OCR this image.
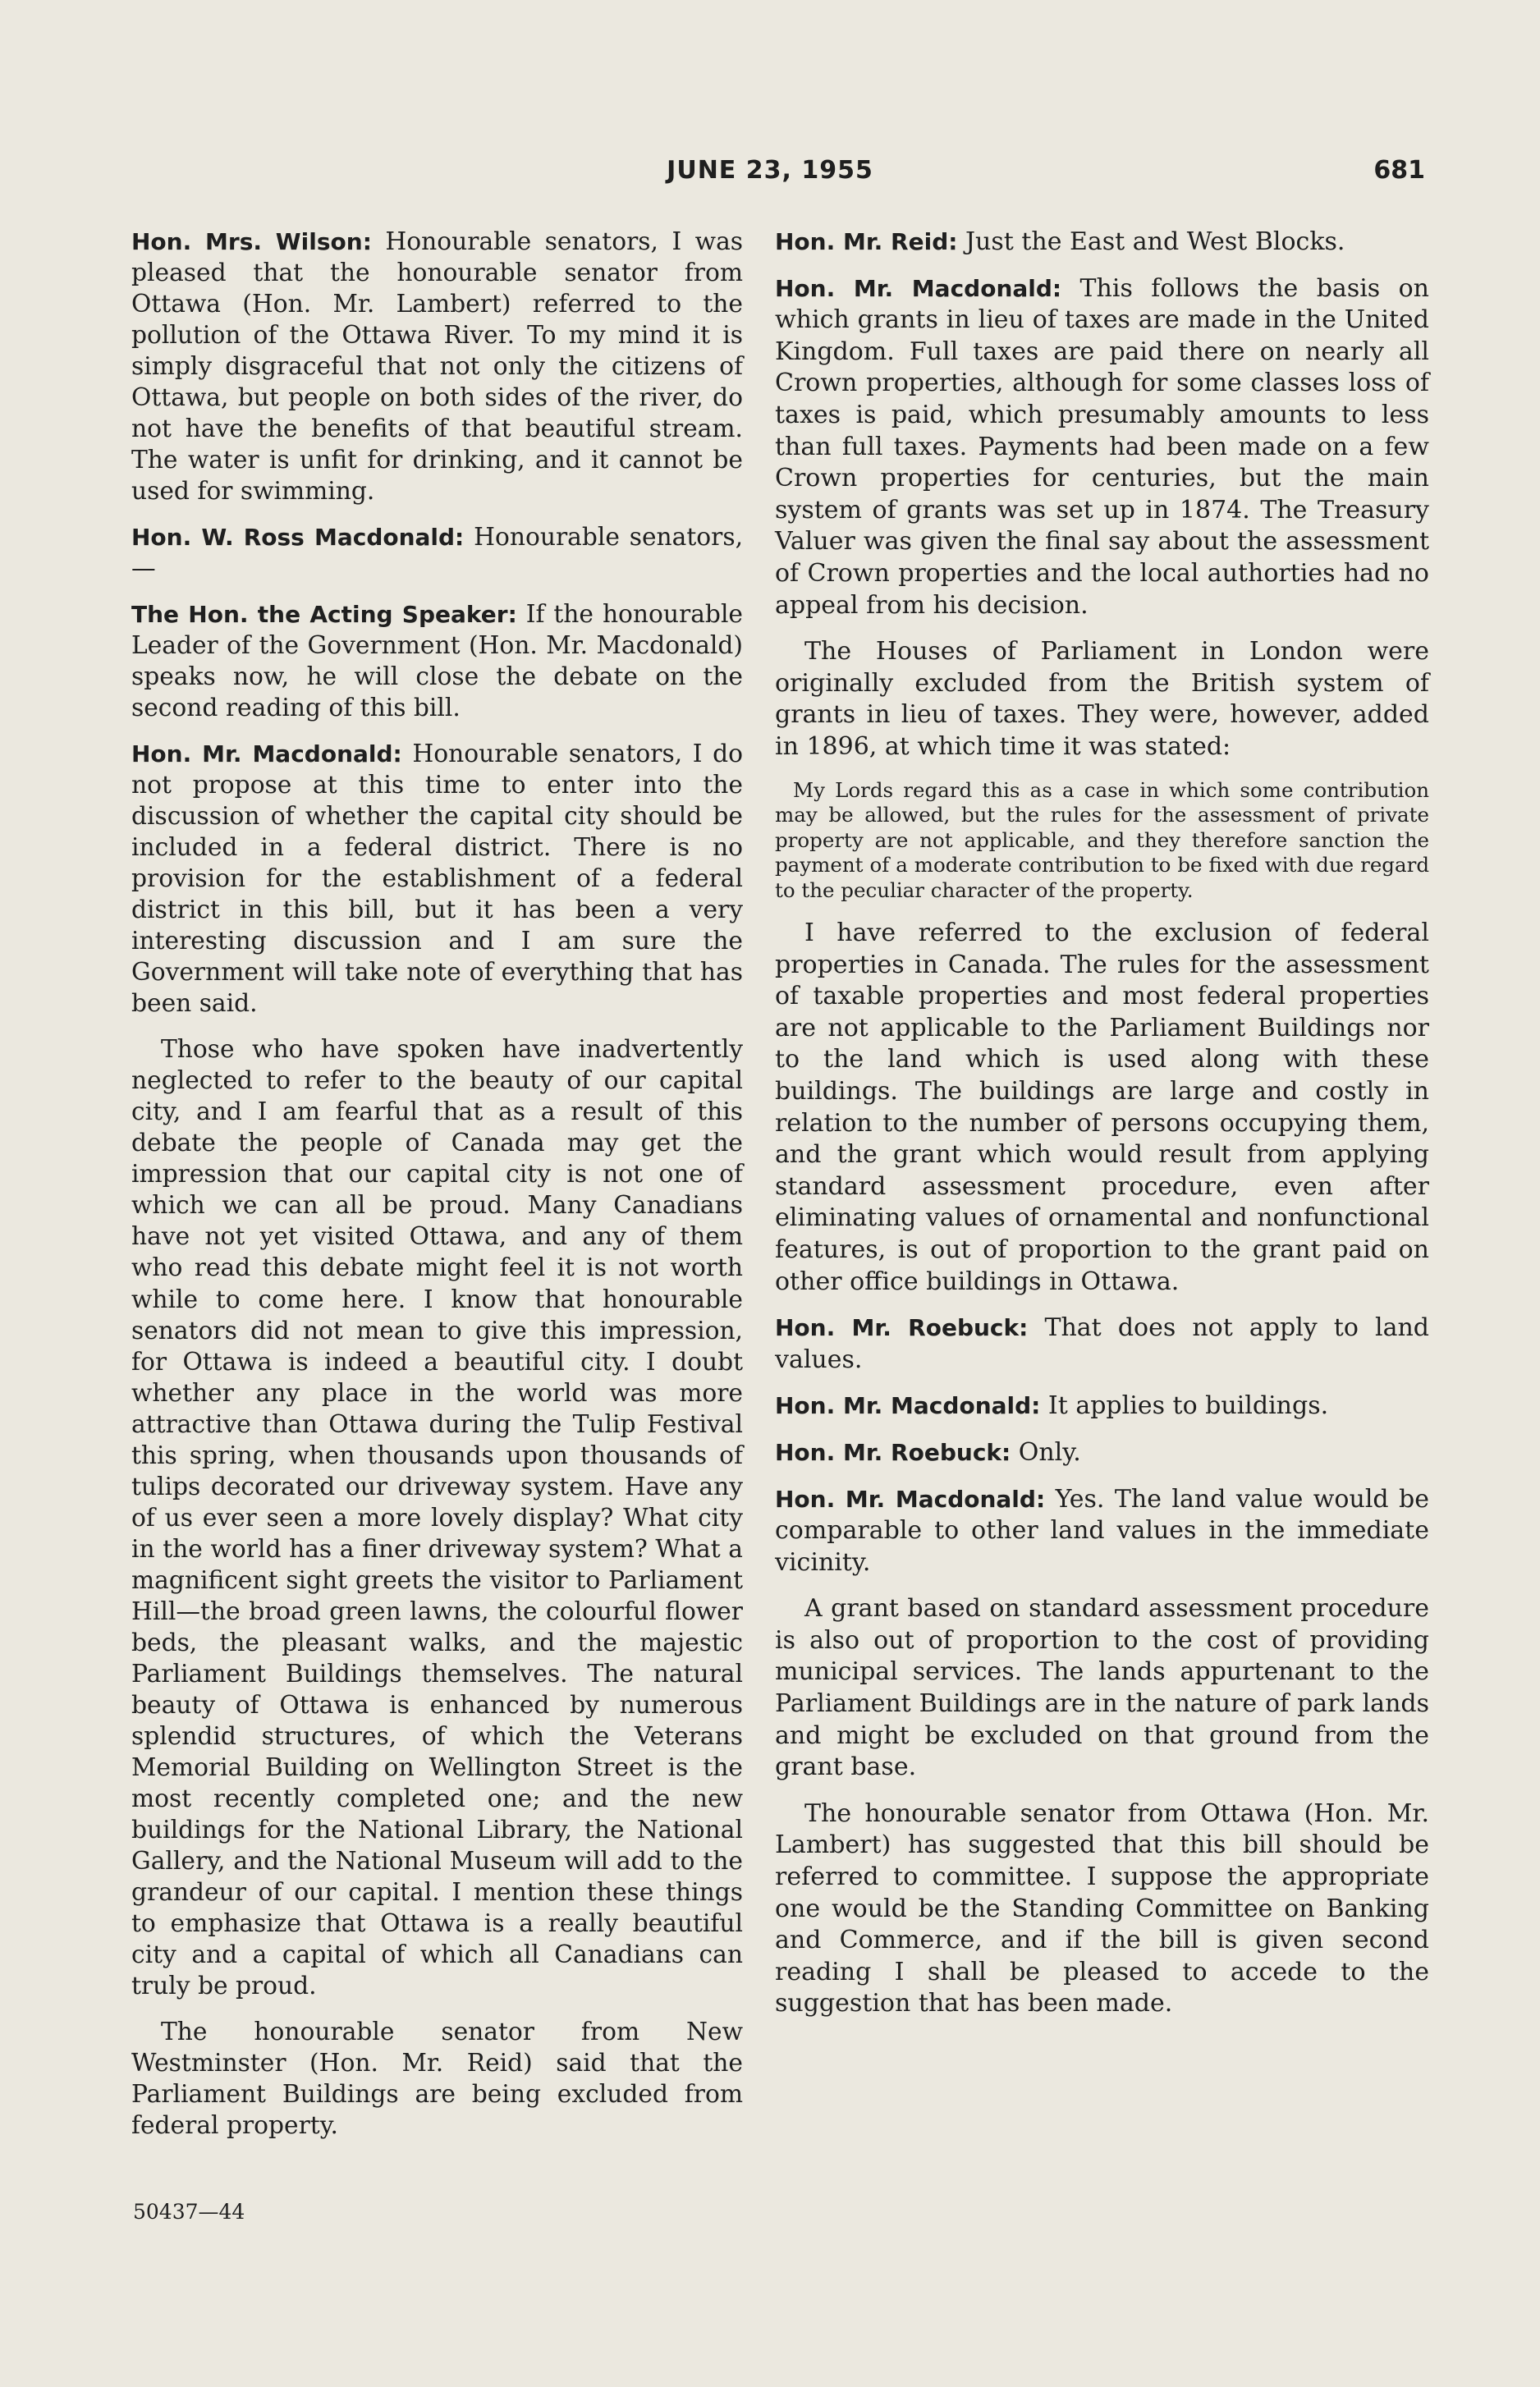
JUNE 23, 1955	681

Hon. Mrs. Wilson: Honourable senators, I was pleased that the honourable senator from Ottawa (Hon. Mr. Lambert) referred to the pollution of the Ottawa River. To my mind it is simply disgraceful that not only the citizens of Ottawa, but people on both sides of the river, do not have the benefits of that beautiful stream. The water is unfit for drinking, and it cannot be used for swimming.

Hon. W. Ross Macdonald: Honourable senators,—

The Hon. the Acting Speaker: If the honourable Leader of the Government (Hon. Mr. Macdonald) speaks now, he will close the debate on the second reading of this bill.

Hon. Mr. Macdonald: Honourable senators, I do not propose at this time to enter into the discussion of whether the capital city should be included in a federal district. There is no provision for the establishment of a federal district in this bill, but it has been a very interesting discussion and I am sure the Government will take note of everything that has been said.

Those who have spoken have inadvertently neglected to refer to the beauty of our capital city, and I am fearful that as a result of this debate the people of Canada may get the impression that our capital city is not one of which we can all be proud. Many Canadians have not yet visited Ottawa, and any of them who read this debate might feel it is not worth while to come here. I know that honourable senators did not mean to give this impression, for Ottawa is indeed a beautiful city. I doubt whether any place in the world was more attractive than Ottawa during the Tulip Festival this spring, when thousands upon thousands of tulips decorated our driveway system. Have any of us ever seen a more lovely display? What city in the world has a finer driveway system? What a magnificent sight greets the visitor to Parliament Hill—the broad green lawns, the colourful flower beds, the pleasant walks, and the majestic Parliament Buildings themselves. The natural beauty of Ottawa is enhanced by numerous splendid structures, of which the Veterans Memorial Building on Wellington Street is the most recently completed one; and the new buildings for the National Library, the National Gallery, and the National Museum will add to the grandeur of our capital. I mention these things to emphasize that Ottawa is a really beautiful city and a capital of which all Canadians can truly be proud.

The honourable senator from New Westminster (Hon. Mr. Reid) said that the Parliament Buildings are being excluded from federal property.

Hon. Mr. Reid: Just the East and West Blocks.

Hon. Mr. Macdonald: This follows the basis on which grants in lieu of taxes are made in the United Kingdom. Full taxes are paid there on nearly all Crown properties, although for some classes loss of taxes is paid, which presumably amounts to less than full taxes. Payments had been made on a few Crown properties for centuries, but the main system of grants was set up in 1874. The Treasury Valuer was given the final say about the assessment of Crown properties and the local authorties had no appeal from his decision.

The Houses of Parliament in London were originally excluded from the British system of grants in lieu of taxes. They were, however, added in 1896, at which time it was stated:

My Lords regard this as a case in which some contribution may be allowed, but the rules for the assessment of private property are not applicable, and they therefore sanction the payment of a moderate contribution to be fixed with due regard to the peculiar character of the property.

I have referred to the exclusion of federal properties in Canada. The rules for the assessment of taxable properties and most federal properties are not applicable to the Parliament Buildings nor to the land which is used along with these buildings. The buildings are large and costly in relation to the number of persons occupying them, and the grant which would result from applying standard assessment procedure, even after eliminating values of ornamental and nonfunctional features, is out of proportion to the grant paid on other office buildings in Ottawa.

Hon. Mr. Roebuck: That does not apply to land values.

Hon. Mr. Macdonald: It applies to buildings.

Hon. Mr. Roebuck: Only.

Hon. Mr. Macdonald: Yes. The land value would be comparable to other land values in the immediate vicinity.

A grant based on standard assessment procedure is also out of proportion to the cost of providing municipal services. The lands appurtenant to the Parliament Buildings are in the nature of park lands and might be excluded on that ground from the grant base.

The honourable senator from Ottawa (Hon. Mr. Lambert) has suggested that this bill should be referred to committee. I suppose the appropriate one would be the Standing Committee on Banking and Commerce, and if the bill is given second reading I shall be pleased to accede to the suggestion that has been made.

50437—44
